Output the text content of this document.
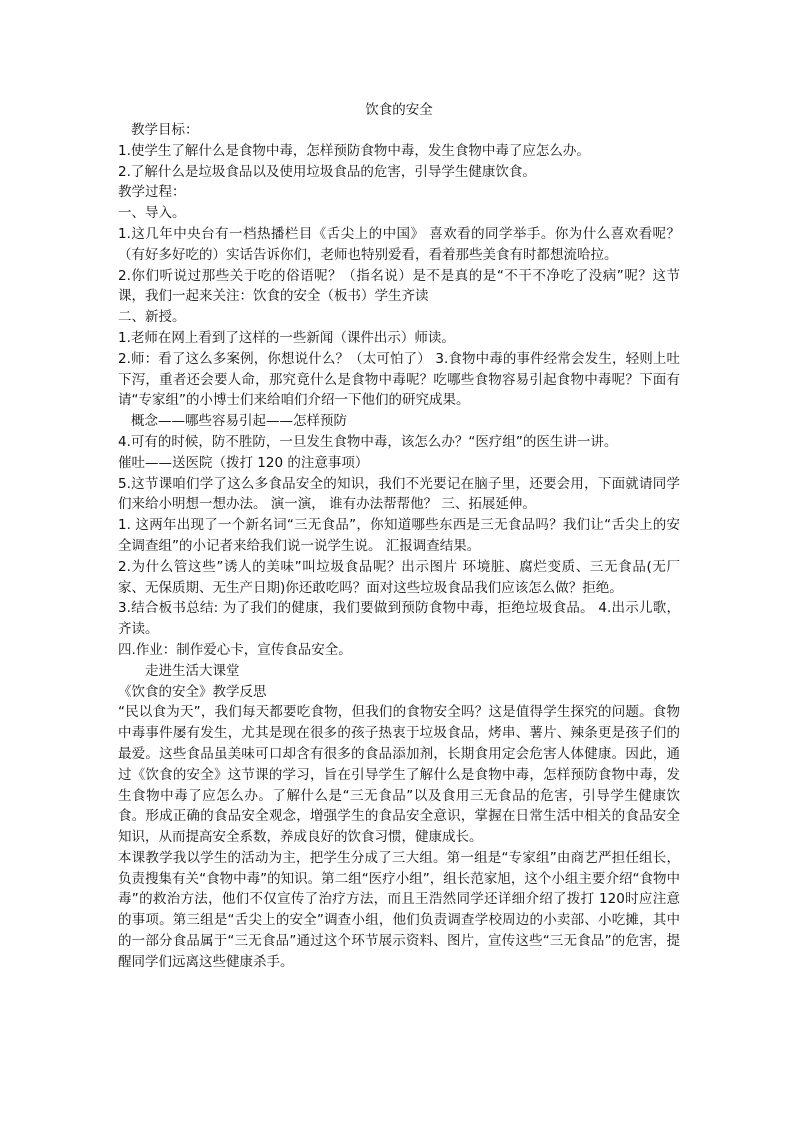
饮食的安全

教学目标：

1.使学生了解什么是食物中毒，怎样预防食物中毒，发生食物中毒了应怎么办。

2.了解什么是垃圾食品以及使用垃圾食品的危害，引导学生健康饮食。

教学过程：

一、导入。

1.这几年中央台有一档热播栏目《舌尖上的中国》 喜欢看的同学举手。你为什么喜欢看呢？（有好多好吃的）实话告诉你们，老师也特别爱看，看着那些美食有时都想流哈拉。

2.你们听说过那些关于吃的俗语呢？（指名说）是不是真的是“不干不净吃了没病”呢？这节课，我们一起来关注：饮食的安全（板书）学生齐读

二、新授。

1.老师在网上看到了这样的一些新闻（课件出示）师读。

2.师：看了这么多案例，你想说什么？（太可怕了） 3.食物中毒的事件经常会发生，轻则上吐下泻，重者还会要人命，那究竟什么是食物中毒呢？吃哪些食物容易引起食物中毒呢？下面有请“专家组”的小博士们来给咱们介绍一下他们的研究成果。

概念——哪些容易引起——怎样预防

4.可有的时候，防不胜防，一旦发生食物中毒，该怎么办？“医疗组”的医生讲一讲。

催吐——送医院（拨打 120 的注意事项）

5.这节课咱们学了这么多食品安全的知识，我们不光要记在脑子里，还要会用，下面就请同学们来给小明想一想办法。 演一演， 谁有办法帮帮他？ 三、拓展延伸。

1. 这两年出现了一个新名词“三无食品”，你知道哪些东西是三无食品吗？我们让“舌尖上的安全调查组”的小记者来给我们说一说学生说。 汇报调查结果。

2.为什么管这些”诱人的美味”叫垃圾食品呢？出示图片 环境脏、腐烂变质、三无食品(无厂家、无保质期、无生产日期)你还敢吃吗？面对这些垃圾食品我们应该怎么做？拒绝。

3.结合板书总结: 为了我们的健康，我们要做到预防食物中毒，拒绝垃圾食品。 4.出示儿歌，齐读。

四.作业：制作爱心卡，宣传食品安全。

走进生活大课堂

《饮食的安全》教学反思

“民以食为天”，我们每天都要吃食物，但我们的食物安全吗？这是值得学生探究的问题。食物中毒事件屡有发生，尤其是现在很多的孩子热衷于垃圾食品，烤串、薯片、辣条更是孩子们的最爱。这些食品虽美味可口却含有很多的食品添加剂，长期食用定会危害人体健康。因此，通过《饮食的安全》这节课的学习，旨在引导学生了解什么是食物中毒，怎样预防食物中毒，发生食物中毒了应怎么办。了解什么是“三无食品”以及食用三无食品的危害，引导学生健康饮食。形成正确的食品安全观念，增强学生的食品安全意识，掌握在日常生活中相关的食品安全知识，从而提高安全系数，养成良好的饮食习惯，健康成长。

本课教学我以学生的活动为主，把学生分成了三大组。第一组是“专家组”由商艺严担任组长，负责搜集有关“食物中毒”的知识。第二组“医疗小组”，组长范家旭，这个小组主要介绍“食物中毒”的救治方法，他们不仅宣传了治疗方法，而且王浩然同学还详细介绍了拨打 120时应注意的事项。第三组是“舌尖上的安全”调查小组，他们负责调查学校周边的小卖部、小吃摊，其中的一部分食品属于“三无食品”通过这个环节展示资料、图片，宣传这些“三无食品”的危害，提醒同学们远离这些健康杀手。
